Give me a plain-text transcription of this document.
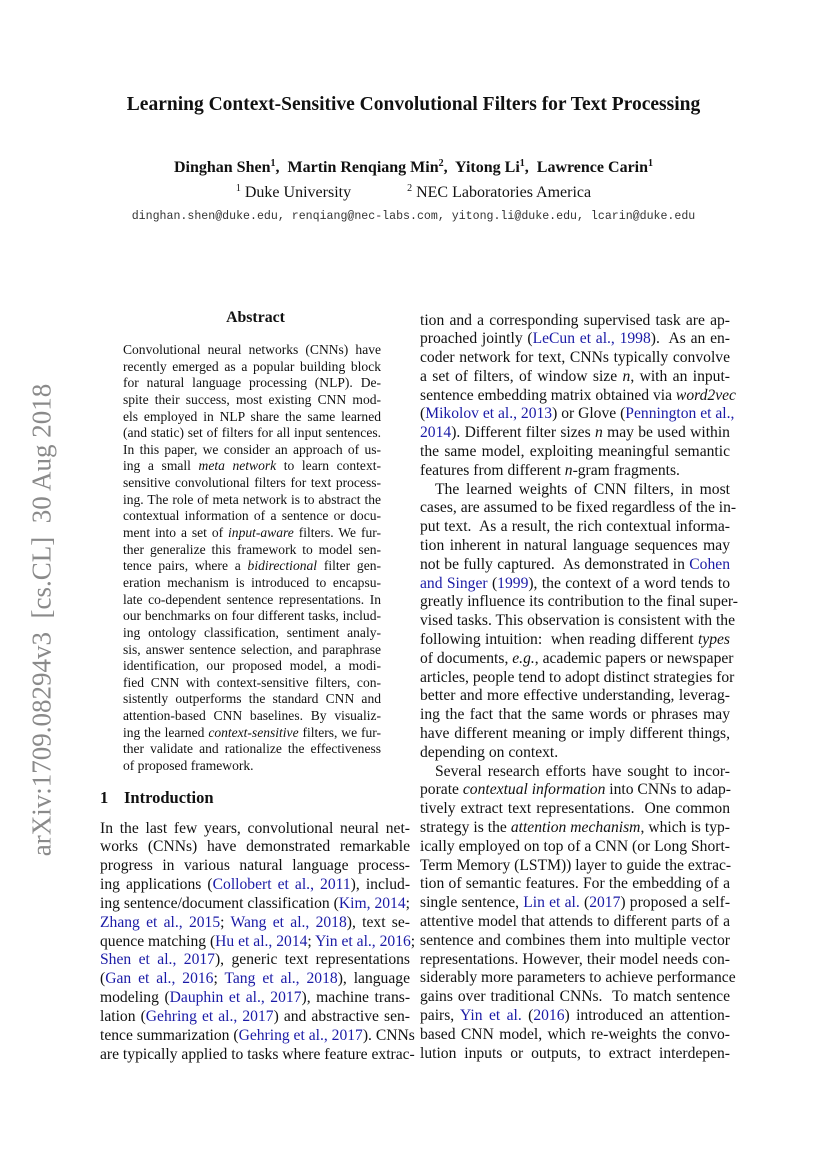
arXiv:1709.08294v3  [cs.CL]  30 Aug 2018
Learning Context-Sensitive Convolutional Filters for Text Processing
Dinghan Shen$^1$,  Martin Renqiang Min$^2$,  Yitong Li$^1$,  Lawrence Carin$^1$
$^1$ Duke University	$^2$ NEC Laboratories America
dinghan.shen@duke.edu, renqiang@nec-labs.com, yitong.li@duke.edu, lcarin@duke.edu
Abstract
Convolutional neural networks (CNNs) have
recently emerged as a popular building block
for natural language processing (NLP). De-
spite their success, most existing CNN mod-
els employed in NLP share the same learned
(and static) set of filters for all input sentences.
In this paper, we consider an approach of us-
ing a small meta network to learn context-
sensitive convolutional filters for text process-
ing. The role of meta network is to abstract the
contextual information of a sentence or docu-
ment into a set of input-aware filters. We fur-
ther generalize this framework to model sen-
tence pairs, where a bidirectional filter gen-
eration mechanism is introduced to encapsu-
late co-dependent sentence representations. In
our benchmarks on four different tasks, includ-
ing ontology classification, sentiment analy-
sis, answer sentence selection, and paraphrase
identification, our proposed model, a modi-
fied CNN with context-sensitive filters, con-
sistently outperforms the standard CNN and
attention-based CNN baselines. By visualiz-
ing the learned context-sensitive filters, we fur-
ther validate and rationalize the effectiveness
of proposed framework.
1 Introduction
In the last few years, convolutional neural net-
works (CNNs) have demonstrated remarkable
progress in various natural language process-
ing applications (Collobert et al., 2011), includ-
ing sentence/document classification (Kim, 2014;
Zhang et al., 2015; Wang et al., 2018), text se-
quence matching (Hu et al., 2014; Yin et al., 2016;
Shen et al., 2017), generic text representations
(Gan et al., 2016; Tang et al., 2018), language
modeling (Dauphin et al., 2017), machine trans-
lation (Gehring et al., 2017) and abstractive sen-
tence summarization (Gehring et al., 2017). CNNs
are typically applied to tasks where feature extrac-
tion and a corresponding supervised task are ap-
proached jointly (LeCun et al., 1998).  As an en-
coder network for text, CNNs typically convolve
a set of filters, of window size n, with an input-
sentence embedding matrix obtained via word2vec
(Mikolov et al., 2013) or Glove (Pennington et al.,
2014). Different filter sizes n may be used within
the same model, exploiting meaningful semantic
features from different n-gram fragments.
The learned weights of CNN filters, in most
cases, are assumed to be fixed regardless of the in-
put text.  As a result, the rich contextual informa-
tion inherent in natural language sequences may
not be fully captured.  As demonstrated in Cohen
and Singer (1999), the context of a word tends to
greatly influence its contribution to the final super-
vised tasks. This observation is consistent with the
following intuition:  when reading different types
of documents, e.g., academic papers or newspaper
articles, people tend to adopt distinct strategies for
better and more effective understanding, leverag-
ing the fact that the same words or phrases may
have different meaning or imply different things,
depending on context.
Several research efforts have sought to incor-
porate contextual information into CNNs to adap-
tively extract text representations.  One common
strategy is the attention mechanism, which is typ-
ically employed on top of a CNN (or Long Short-
Term Memory (LSTM)) layer to guide the extrac-
tion of semantic features. For the embedding of a
single sentence, Lin et al. (2017) proposed a self-
attentive model that attends to different parts of a
sentence and combines them into multiple vector
representations. However, their model needs con-
siderably more parameters to achieve performance
gains over traditional CNNs.  To match sentence
pairs, Yin et al. (2016) introduced an attention-
based CNN model, which re-weights the convo-
lution inputs or outputs, to extract interdepen-
